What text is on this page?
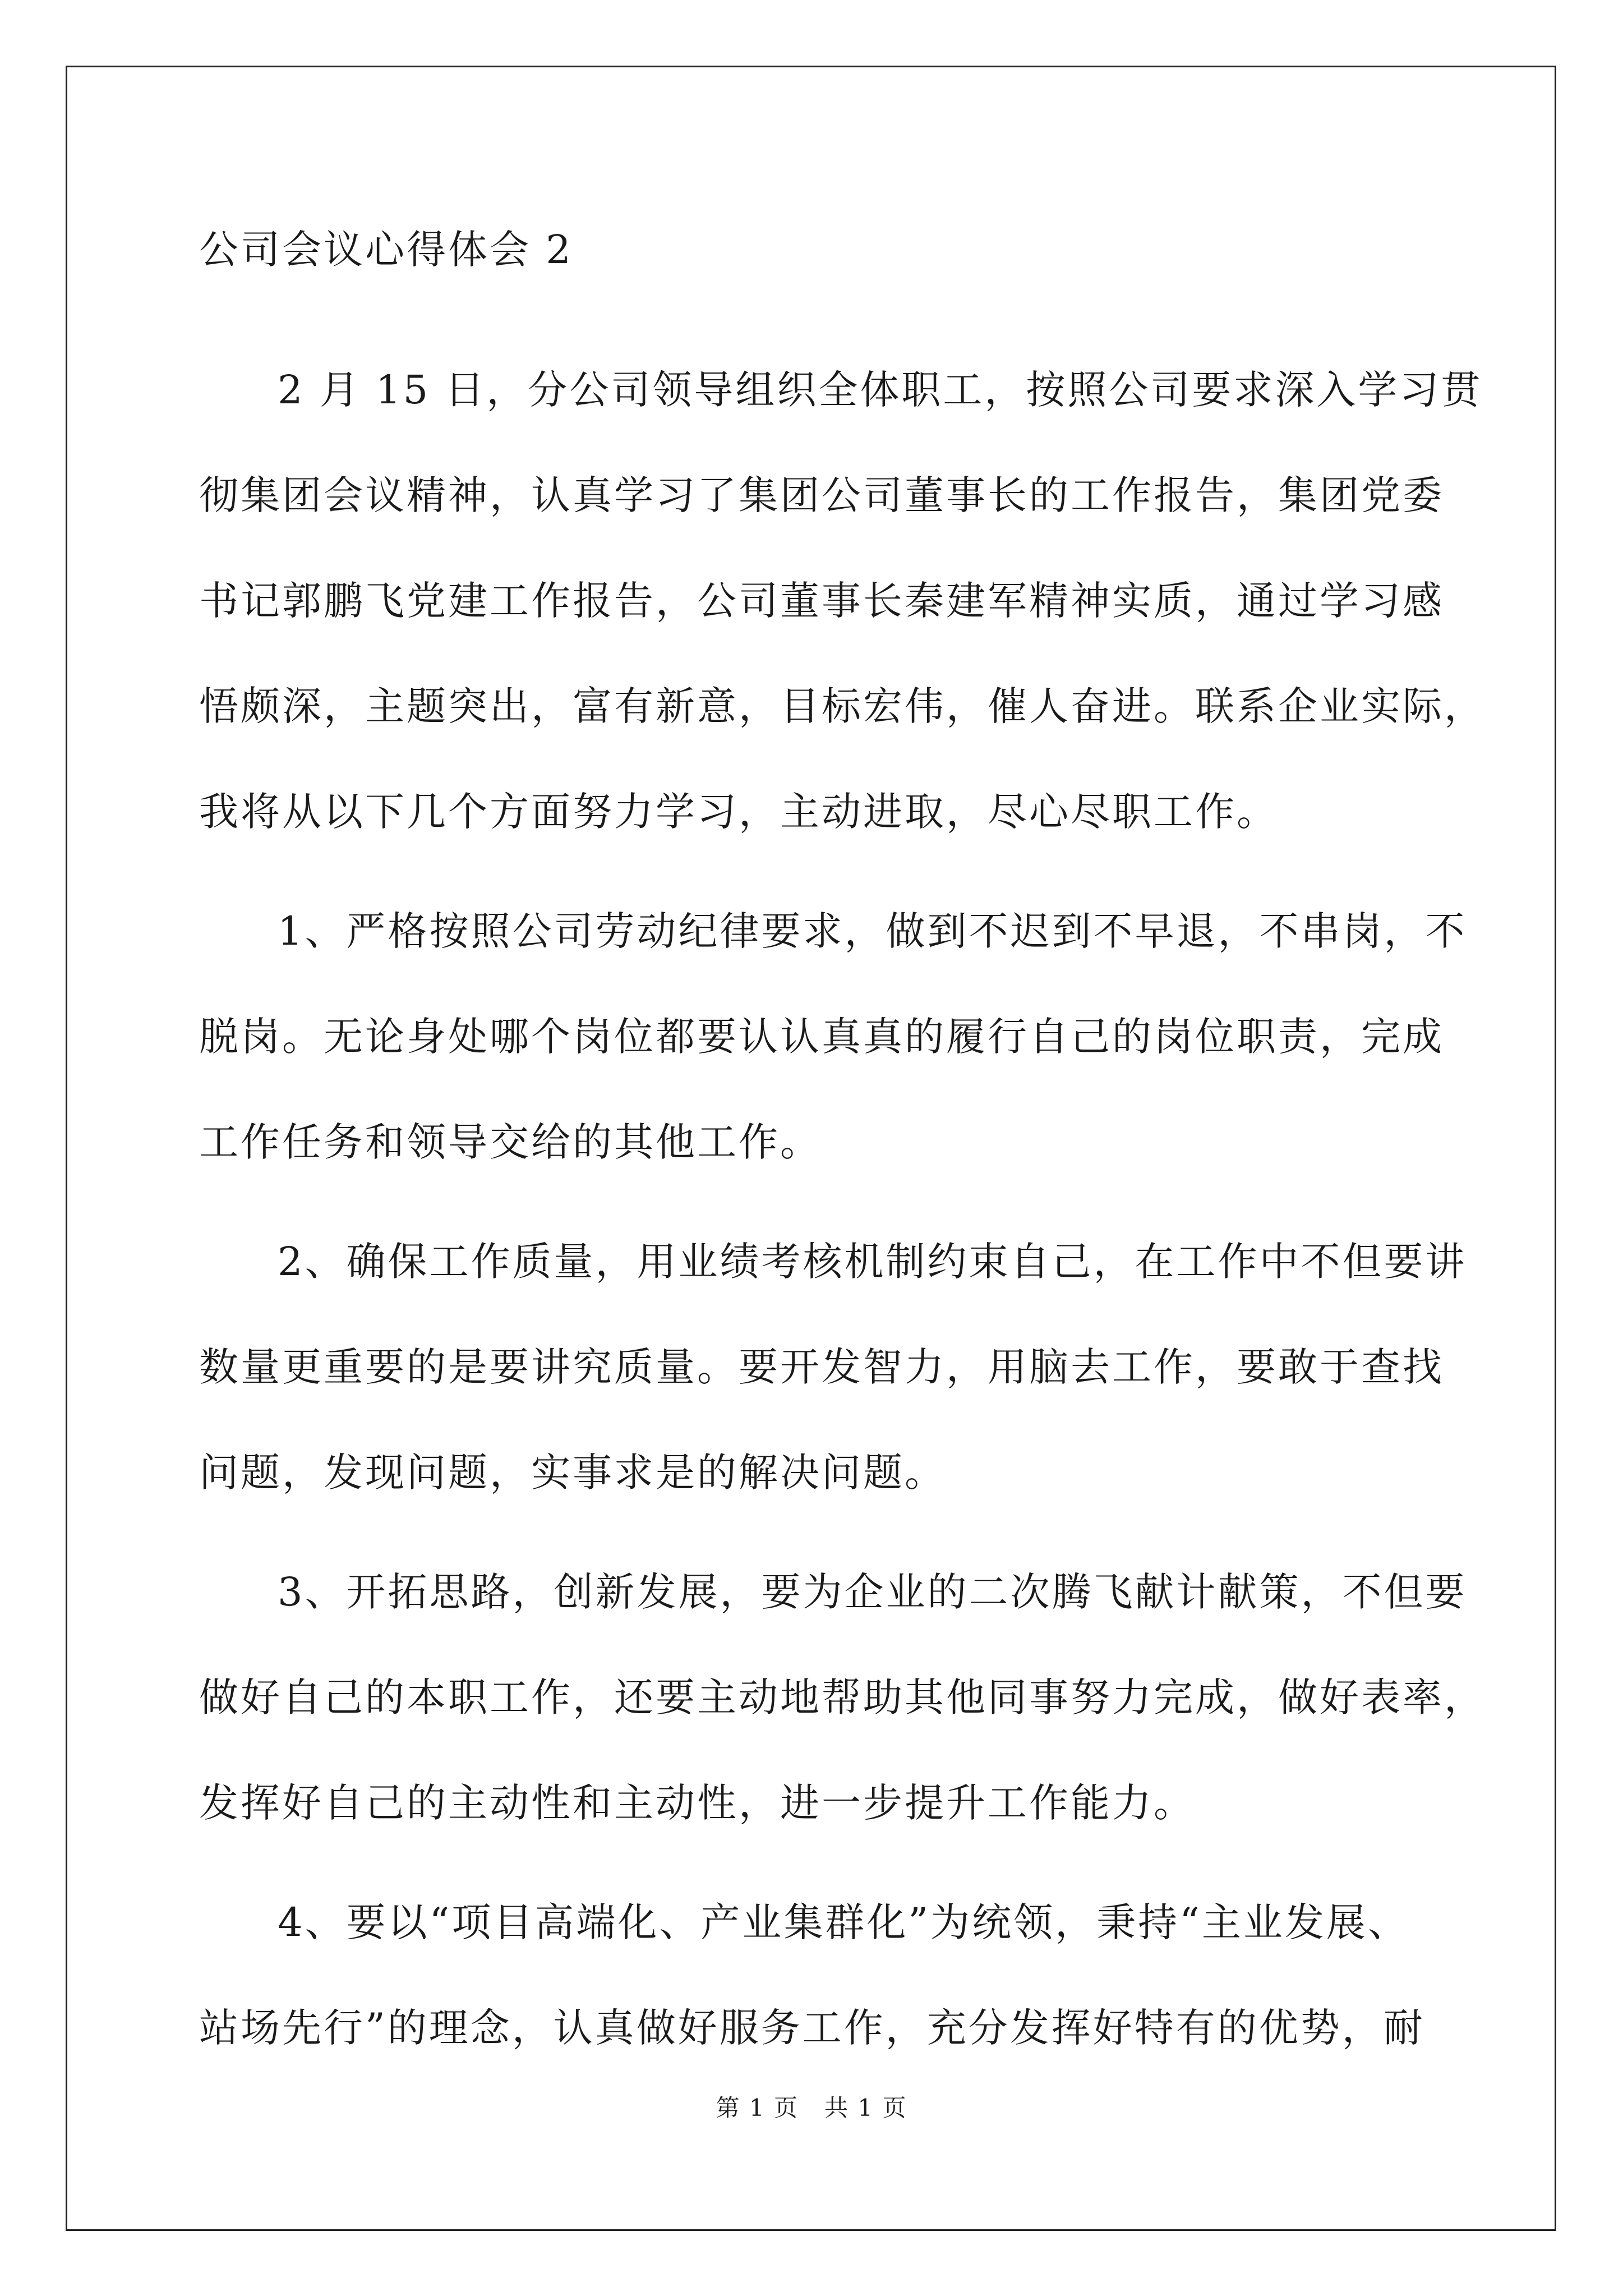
公司会议心得体会 2

2 月 15 日，分公司领导组织全体职工，按照公司要求深入学习贯
彻集团会议精神，认真学习了集团公司董事长的工作报告，集团党委
书记郭鹏飞党建工作报告，公司董事长秦建军精神实质，通过学习感
悟颇深，主题突出，富有新意，目标宏伟，催人奋进。联系企业实际，
我将从以下几个方面努力学习，主动进取，尽心尽职工作。

1、严格按照公司劳动纪律要求，做到不迟到不早退，不串岗，不
脱岗。无论身处哪个岗位都要认认真真的履行自己的岗位职责，完成
工作任务和领导交给的其他工作。

2、确保工作质量，用业绩考核机制约束自己，在工作中不但要讲
数量更重要的是要讲究质量。要开发智力，用脑去工作，要敢于查找
问题，发现问题，实事求是的解决问题。

3、开拓思路，创新发展，要为企业的二次腾飞献计献策，不但要
做好自己的本职工作，还要主动地帮助其他同事努力完成，做好表率，
发挥好自己的主动性和主动性，进一步提升工作能力。

4、要以“项目高端化、产业集群化”为统领，秉持“主业发展、
站场先行”的理念，认真做好服务工作，充分发挥好特有的优势，耐

第 1 页 共 1 页
